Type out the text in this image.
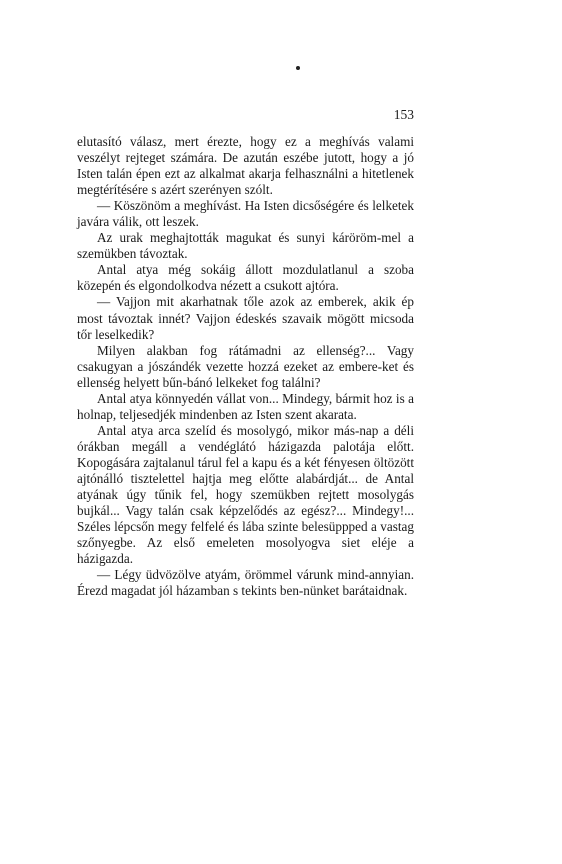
153

elutasító válasz, mert érezte, hogy ez a meghívás valami veszélyt rejteget számára. De azután eszébe jutott, hogy a jó Isten talán épen ezt az alkalmat akarja felhasználni a hitetlenek megtérítésére s azért szerényen szólt.

— Köszönöm a meghívást. Ha Isten dicsőségére és lelketek javára válik, ott leszek.

Az urak meghajtották magukat és sunyi káröröm-mel a szemükben távoztak.

Antal atya még sokáig állott mozdulatlanul a szoba közepén és elgondolkodva nézett a csukott ajtóra.

— Vajjon mit akarhatnak tőle azok az emberek, akik ép most távoztak innét? Vajjon édeskés szavaik mögött micsoda tőr leselkedik?

Milyen alakban fog rátámadni az ellenség?... Vagy csakugyan a jószándék vezette hozzá ezeket az embere-ket és ellenség helyett bűn-bánó lelkeket fog találni?

Antal atya könnyedén vállat von... Mindegy, bármit hoz is a holnap, teljesedjék mindenben az Isten szent akarata.

Antal atya arca szelíd és mosolygó, mikor más-nap a déli órákban megáll a vendéglátó házigazda palotája előtt. Kopogására zajtalanul tárul fel a kapu és a két fényesen öltözött ajtónálló tisztelettel hajtja meg előtte alabárdját... de Antal atyának úgy tűnik fel, hogy szemükben rejtett mosolygás bujkál... Vagy talán csak képzelődés az egész?... Mindegy!... Széles lépcsőn megy felfelé és lába szinte belesüppped a vastag szőnyegbe. Az első emeleten mosolyogva siet eléje a házigazda.

— Légy üdvözölve atyám, örömmel várunk mind-annyian. Érezd magadat jól házamban s tekints ben-nünket barátaidnak.
